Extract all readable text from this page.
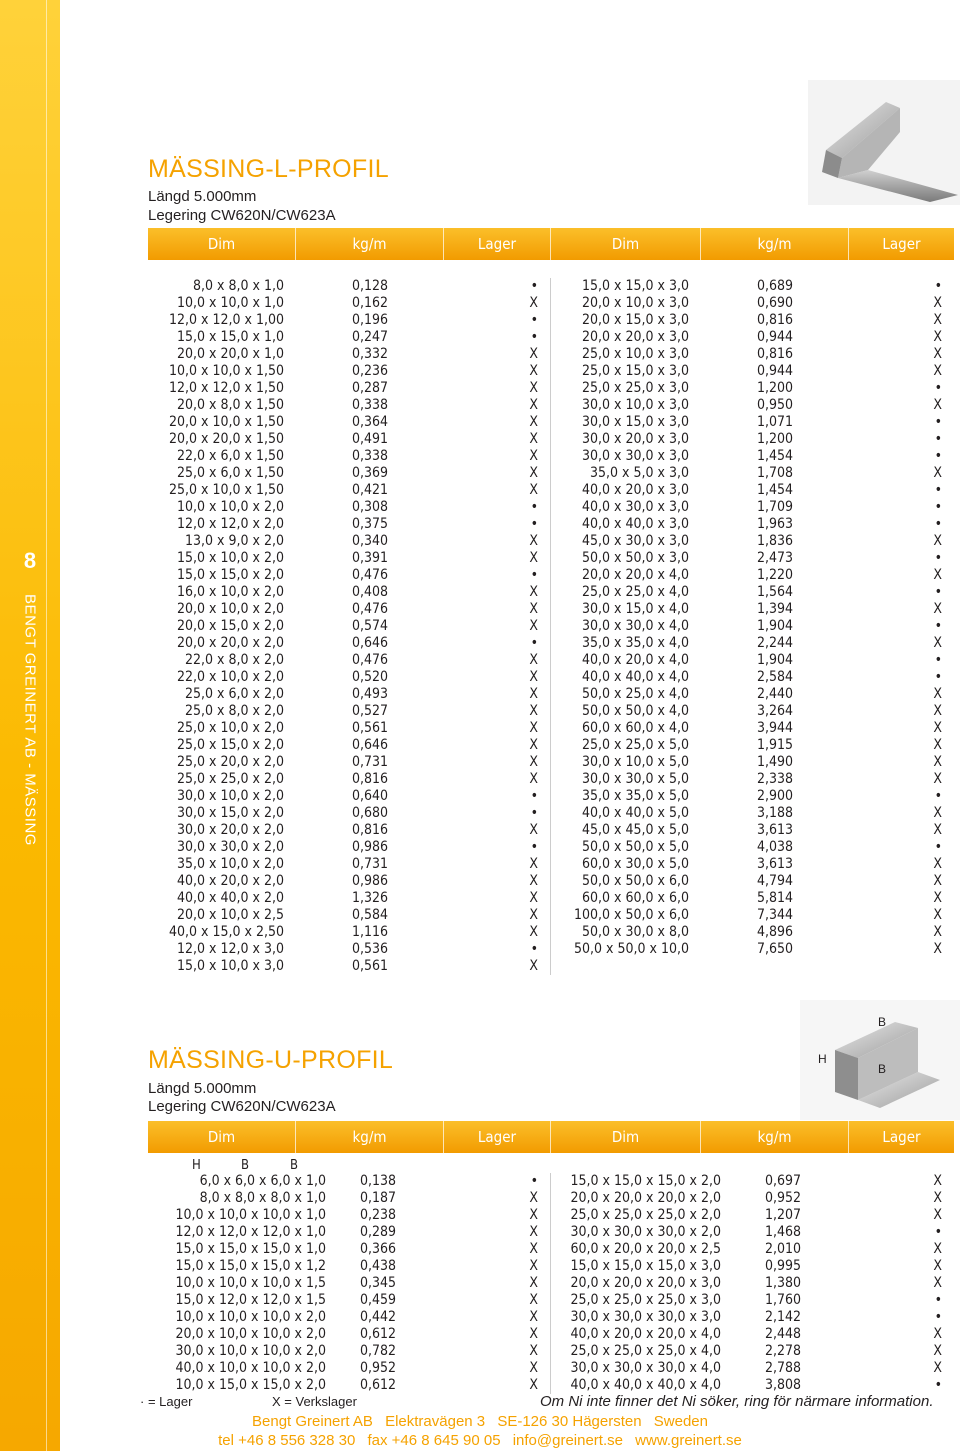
8
BENGT GREINERT AB - MÄSSING
MÄSSING-L-PROFIL
Längd 5.000mm
Legering CW620N/CW623A
Dim	kg/m	Lager	Dim	kg/m	Lager
8,0 x 8,0 x 1,0	0,128	•	15,0 x 15,0 x 3,0	0,689	•
10,0 x 10,0 x 1,0	0,162	X	20,0 x 10,0 x 3,0	0,690	X
12,0 x 12,0 x 1,00	0,196	•	20,0 x 15,0 x 3,0	0,816	X
15,0 x 15,0 x 1,0	0,247	•	20,0 x 20,0 x 3,0	0,944	X
20,0 x 20,0 x 1,0	0,332	X	25,0 x 10,0 x 3,0	0,816	X
10,0 x 10,0 x 1,50	0,236	X	25,0 x 15,0 x 3,0	0,944	X
12,0 x 12,0 x 1,50	0,287	X	25,0 x 25,0 x 3,0	1,200	•
20,0 x 8,0 x 1,50	0,338	X	30,0 x 10,0 x 3,0	0,950	X
20,0 x 10,0 x 1,50	0,364	X	30,0 x 15,0 x 3,0	1,071	•
20,0 x 20,0 x 1,50	0,491	X	30,0 x 20,0 x 3,0	1,200	•
22,0 x 6,0 x 1,50	0,338	X	30,0 x 30,0 x 3,0	1,454	•
25,0 x 6,0 x 1,50	0,369	X	35,0 x 5,0 x 3,0	1,708	X
25,0 x 10,0 x 1,50	0,421	X	40,0 x 20,0 x 3,0	1,454	•
10,0 x 10,0 x 2,0	0,308	•	40,0 x 30,0 x 3,0	1,709	•
12,0 x 12,0 x 2,0	0,375	•	40,0 x 40,0 x 3,0	1,963	•
13,0 x 9,0 x 2,0	0,340	X	45,0 x 30,0 x 3,0	1,836	X
15,0 x 10,0 x 2,0	0,391	X	50,0 x 50,0 x 3,0	2,473	•
15,0 x 15,0 x 2,0	0,476	•	20,0 x 20,0 x 4,0	1,220	X
16,0 x 10,0 x 2,0	0,408	X	25,0 x 25,0 x 4,0	1,564	•
20,0 x 10,0 x 2,0	0,476	X	30,0 x 15,0 x 4,0	1,394	X
20,0 x 15,0 x 2,0	0,574	X	30,0 x 30,0 x 4,0	1,904	•
20,0 x 20,0 x 2,0	0,646	•	35,0 x 35,0 x 4,0	2,244	X
22,0 x 8,0 x 2,0	0,476	X	40,0 x 20,0 x 4,0	1,904	•
22,0 x 10,0 x 2,0	0,520	X	40,0 x 40,0 x 4,0	2,584	•
25,0 x 6,0 x 2,0	0,493	X	50,0 x 25,0 x 4,0	2,440	X
25,0 x 8,0 x 2,0	0,527	X	50,0 x 50,0 x 4,0	3,264	X
25,0 x 10,0 x 2,0	0,561	X	60,0 x 60,0 x 4,0	3,944	X
25,0 x 15,0 x 2,0	0,646	X	25,0 x 25,0 x 5,0	1,915	X
25,0 x 20,0 x 2,0	0,731	X	30,0 x 10,0 x 5,0	1,490	X
25,0 x 25,0 x 2,0	0,816	X	30,0 x 30,0 x 5,0	2,338	X
30,0 x 10,0 x 2,0	0,640	•	35,0 x 35,0 x 5,0	2,900	•
30,0 x 15,0 x 2,0	0,680	•	40,0 x 40,0 x 5,0	3,188	X
30,0 x 20,0 x 2,0	0,816	X	45,0 x 45,0 x 5,0	3,613	X
30,0 x 30,0 x 2,0	0,986	•	50,0 x 50,0 x 5,0	4,038	•
35,0 x 10,0 x 2,0	0,731	X	60,0 x 30,0 x 5,0	3,613	X
40,0 x 20,0 x 2,0	0,986	X	50,0 x 50,0 x 6,0	4,794	X
40,0 x 40,0 x 2,0	1,326	X	60,0 x 60,0 x 6,0	5,814	X
20,0 x 10,0 x 2,5	0,584	X	100,0 x 50,0 x 6,0	7,344	X
40,0 x 15,0 x 2,50	1,116	X	50,0 x 30,0 x 8,0	4,896	X
12,0 x 12,0 x 3,0	0,536	•	50,0 x 50,0 x 10,0	7,650	X
15,0 x 10,0 x 3,0	0,561	X
B
H
B
MÄSSING-U-PROFIL
Längd 5.000mm
Legering CW620N/CW623A
Dim	kg/m	Lager	Dim	kg/m	Lager
H	B	B
6,0 x 6,0 x 6,0 x 1,0	0,138	•	15,0 x 15,0 x 15,0 x 2,0	0,697	X
8,0 x 8,0 x 8,0 x 1,0	0,187	X	20,0 x 20,0 x 20,0 x 2,0	0,952	X
10,0 x 10,0 x 10,0 x 1,0	0,238	X	25,0 x 25,0 x 25,0 x 2,0	1,207	X
12,0 x 12,0 x 12,0 x 1,0	0,289	X	30,0 x 30,0 x 30,0 x 2,0	1,468	•
15,0 x 15,0 x 15,0 x 1,0	0,366	X	60,0 x 20,0 x 20,0 x 2,5	2,010	X
15,0 x 15,0 x 15,0 x 1,2	0,438	X	15,0 x 15,0 x 15,0 x 3,0	0,995	X
10,0 x 10,0 x 10,0 x 1,5	0,345	X	20,0 x 20,0 x 20,0 x 3,0	1,380	X
15,0 x 12,0 x 12,0 x 1,5	0,459	X	25,0 x 25,0 x 25,0 x 3,0	1,760	•
10,0 x 10,0 x 10,0 x 2,0	0,442	X	30,0 x 30,0 x 30,0 x 3,0	2,142	•
20,0 x 10,0 x 10,0 x 2,0	0,612	X	40,0 x 20,0 x 20,0 x 4,0	2,448	X
30,0 x 10,0 x 10,0 x 2,0	0,782	X	25,0 x 25,0 x 25,0 x 4,0	2,278	X
40,0 x 10,0 x 10,0 x 2,0	0,952	X	30,0 x 30,0 x 30,0 x 4,0	2,788	X
10,0 x 15,0 x 15,0 x 2,0	0,612	X	40,0 x 40,0 x 40,0 x 4,0	3,808	•
· = Lager	X = Verkslager	Om Ni inte finner det Ni söker, ring för närmare information.
Bengt Greinert AB Elektravägen 3 SE-126 30 Hägersten Sweden
tel +46 8 556 328 30 fax +46 8 645 90 05 info@greinert.se www.greinert.se
